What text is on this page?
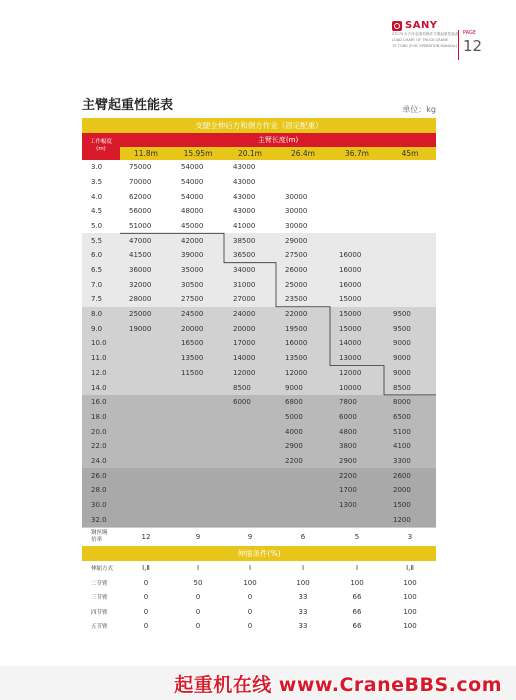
SANY
STC75-5 汽车起重机操作手册起重性能表
LOAD CHART OF TRUCK CRANE
75 TONS (FOR OPERATION MANUAL)
PAGE
12
主臂起重性能表	单位：kg
支腿全伸后方和侧方作业（固定配重）						
工作幅度
(m)	主臂长度(m)					
	11.8m	15.95m	20.1m	26.4m	36.7m	45m
3.0	75000	54000	43000			
3.5	70000	54000	43000			
4.0	62000	54000	43000	30000		
4.5	56000	48000	43000	30000		
5.0	51000	45000	41000	30000		
5.5	47000	42000	38500	29000		
6.0	41500	39000	36500	27500	16000	
6.5	36000	35000	34000	26000	16000	
7.0	32000	30500	31000	25000	16000	
7.5	28000	27500	27000	23500	15000	
8.0	25000	24500	24000	22000	15000	9500
9.0	19000	20000	20000	19500	15000	9500
10.0		16500	17000	16000	14000	9000
11.0		13500	14000	13500	13000	9000
12.0		11500	12000	12000	12000	9000
14.0			8500	9000	10000	8500
16.0			6000	6800	7800	8000
18.0				5000	6000	6500
20.0				4000	4800	5100
22.0				2900	3800	4100
24.0				2200	2900	3300
26.0					2200	2600
28.0					1700	2000
30.0					1300	1500
32.0						1200
钢丝绳
倍率	12	9	9	6	5	3
伸缩条件(%)						
伸缩方式	Ⅰ,Ⅱ	Ⅰ	Ⅰ	Ⅰ	Ⅰ	Ⅰ,Ⅱ
二节臂	0	50	100	100	100	100
三节臂	0	0	0	33	66	100
四节臂	0	0	0	33	66	100
五节臂	0	0	0	33	66	100
起重机在线 www.CraneBBS.com
